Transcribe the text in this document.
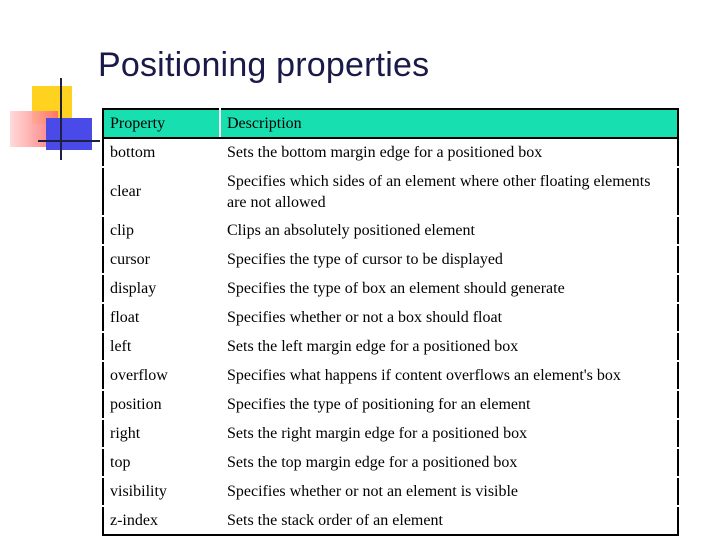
Positioning properties
Property	Description
bottom	Sets the bottom margin edge for a positioned box
clear	Specifies which sides of an element where other floating elements are not allowed
clip	Clips an absolutely positioned element
cursor	Specifies the type of cursor to be displayed
display	Specifies the type of box an element should generate
float	Specifies whether or not a box should float
left	Sets the left margin edge for a positioned box
overflow	Specifies what happens if content overflows an element's box
position	Specifies the type of positioning for an element
right	Sets the right margin edge for a positioned box
top	Sets the top margin edge for a positioned box
visibility	Specifies whether or not an element is visible
z-index	Sets the stack order of an element
